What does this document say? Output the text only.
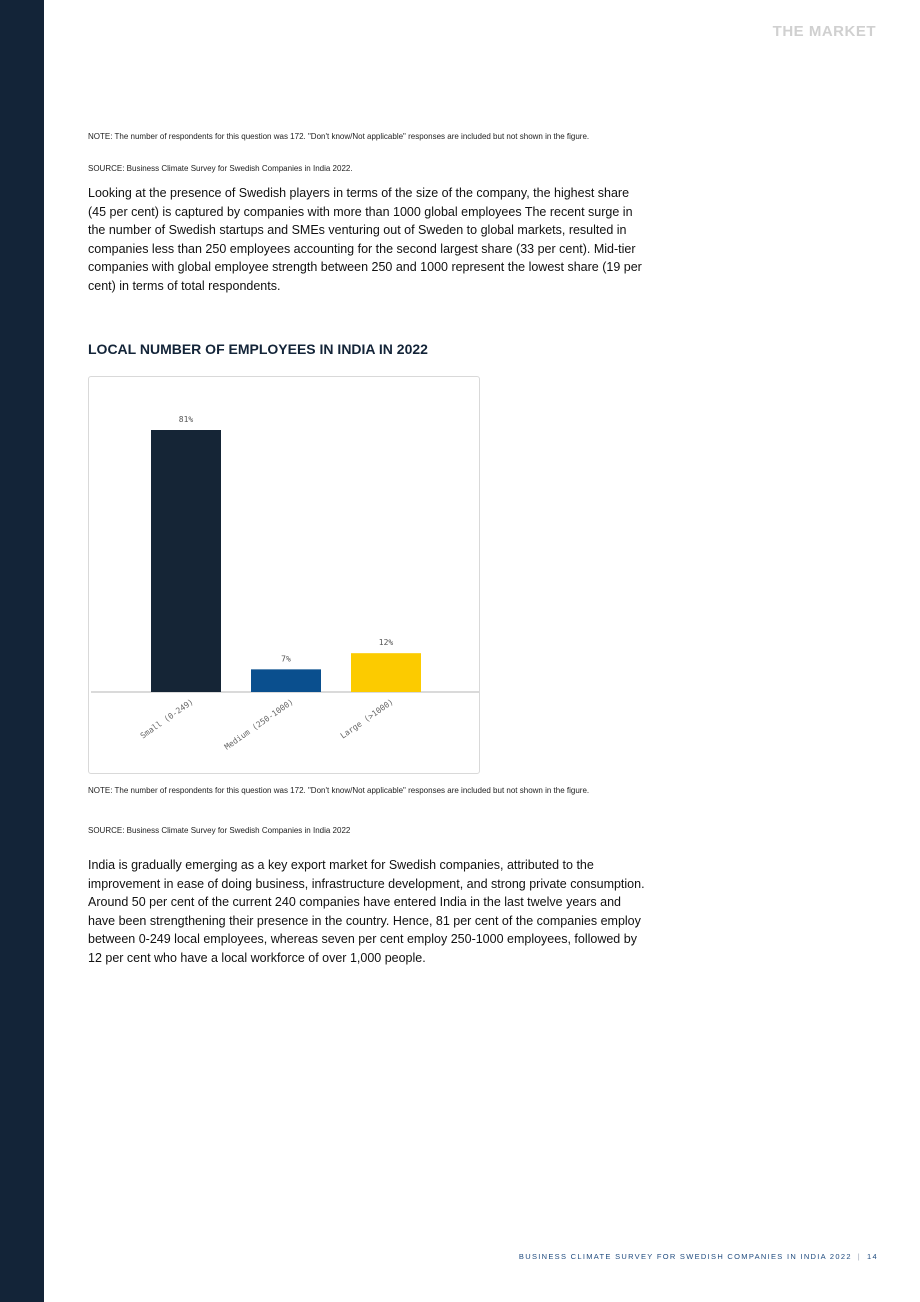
THE MARKET
NOTE: The number of respondents for this question was 172. "Don't know/Not applicable" responses are included but not shown in the figure.
SOURCE: Business Climate Survey for Swedish Companies in India 2022.

Looking at the presence of Swedish players in terms of the size of the company, the highest share (45 per cent) is captured by companies with more than 1000 global employees The recent surge in the number of Swedish startups and SMEs venturing out of Sweden to global markets, resulted in companies less than 250 employees accounting for the second largest share (33 per cent). Mid-tier companies with global employee strength between 250 and 1000 represent the lowest share (19 per cent) in terms of total respondents.

LOCAL NUMBER OF EMPLOYEES IN INDIA IN 2022
81%
Small (0-249)
7%
Medium (250-1000)
12%
Large (>1000)
NOTE: The number of respondents for this question was 172. "Don't know/Not applicable" responses are included but not shown in the figure.
SOURCE: Business Climate Survey for Swedish Companies in India 2022

India is gradually emerging as a key export market for Swedish companies, attributed to the improvement in ease of doing business, infrastructure development, and strong private consumption. Around 50 per cent of the current 240 companies have entered India in the last twelve years and have been strengthening their presence in the country. Hence, 81 per cent of the companies employ between 0-249 local employees, whereas seven per cent employ 250-1000 employees, followed by 12 per cent who have a local workforce of over 1,000 people.

BUSINESS CLIMATE SURVEY FOR SWEDISH COMPANIES IN INDIA 2022 | 14
